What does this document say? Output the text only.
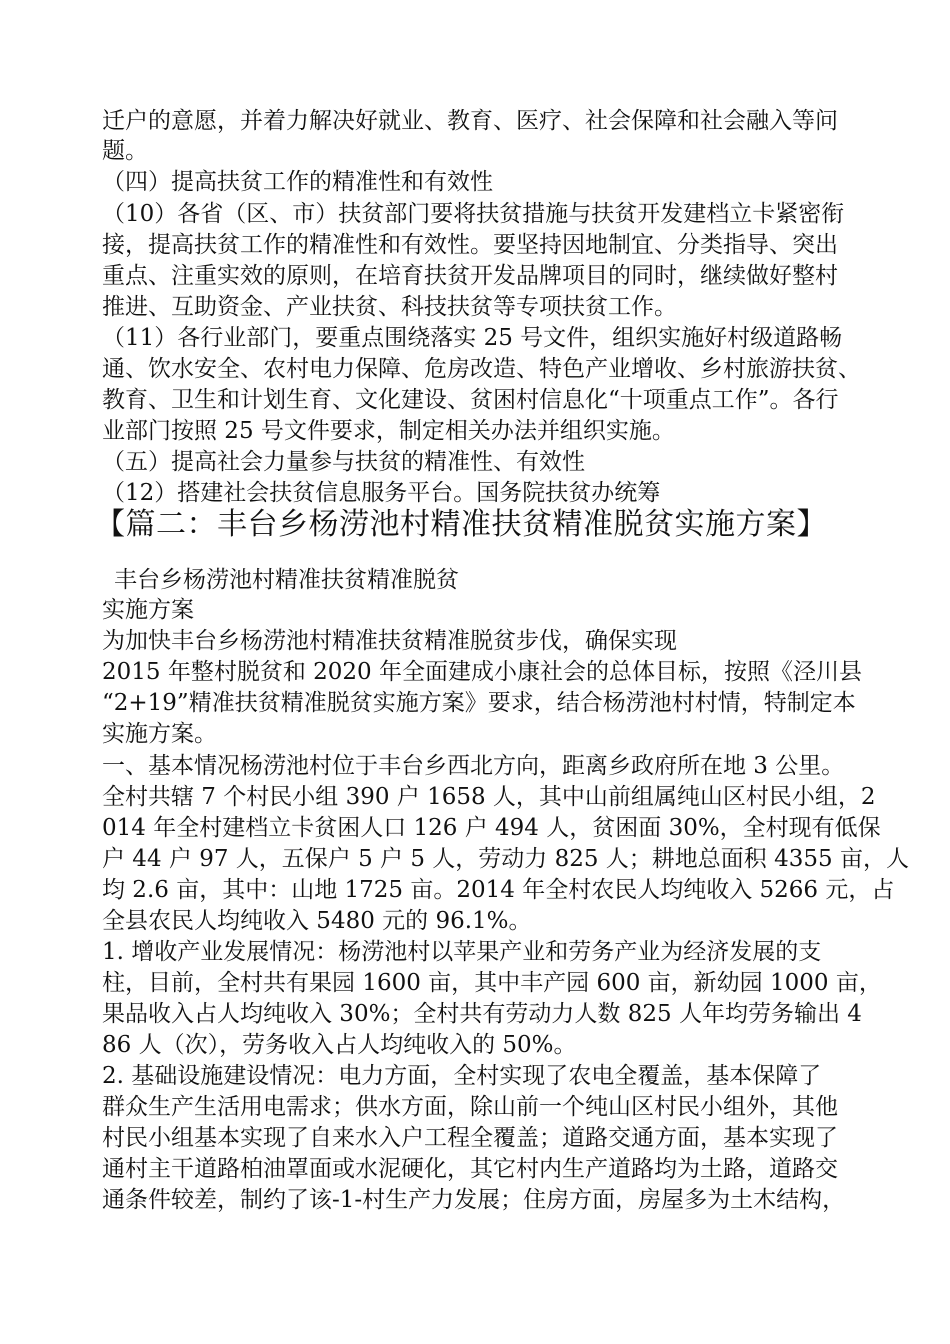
迁户的意愿，并着力解决好就业、教育、医疗、社会保障和社会融入等问
题。
（四）提高扶贫工作的精准性和有效性
（10）各省（区、市）扶贫部门要将扶贫措施与扶贫开发建档立卡紧密衔
接，提高扶贫工作的精准性和有效性。要坚持因地制宜、分类指导、突出
重点、注重实效的原则，在培育扶贫开发品牌项目的同时，继续做好整村
推进、互助资金、产业扶贫、科技扶贫等专项扶贫工作。
（11）各行业部门，要重点围绕落实 25 号文件，组织实施好村级道路畅
通、饮水安全、农村电力保障、危房改造、特色产业增收、乡村旅游扶贫、
教育、卫生和计划生育、文化建设、贫困村信息化“十项重点工作”。各行
业部门按照 25 号文件要求，制定相关办法并组织实施。
（五）提高社会力量参与扶贫的精准性、有效性
（12）搭建社会扶贫信息服务平台。国务院扶贫办统筹
【篇二：丰台乡杨涝池村精准扶贫精准脱贫实施方案】
丰台乡杨涝池村精准扶贫精准脱贫
实施方案
为加快丰台乡杨涝池村精准扶贫精准脱贫步伐，确保实现
2015 年整村脱贫和 2020 年全面建成小康社会的总体目标，按照《泾川县
“2+19”精准扶贫精准脱贫实施方案》要求，结合杨涝池村村情，特制定本
实施方案。
一、基本情况杨涝池村位于丰台乡西北方向，距离乡政府所在地 3 公里。
全村共辖 7 个村民小组 390 户 1658 人，其中山前组属纯山区村民小组，2
014 年全村建档立卡贫困人口 126 户 494 人，贫困面 30%，全村现有低保
户 44 户 97 人，五保户 5 户 5 人，劳动力 825 人；耕地总面积 4355 亩，人
均 2.6 亩，其中：山地 1725 亩。2014 年全村农民人均纯收入 5266 元，占
全县农民人均纯收入 5480 元的 96.1%。
1. 增收产业发展情况：杨涝池村以苹果产业和劳务产业为经济发展的支
柱，目前，全村共有果园 1600 亩，其中丰产园 600 亩，新幼园 1000 亩，
果品收入占人均纯收入 30%；全村共有劳动力人数 825 人年均劳务输出 4
86 人（次），劳务收入占人均纯收入的 50%。
2. 基础设施建设情况：电力方面，全村实现了农电全覆盖，基本保障了
群众生产生活用电需求；供水方面，除山前一个纯山区村民小组外，其他
村民小组基本实现了自来水入户工程全覆盖；道路交通方面，基本实现了
通村主干道路柏油罩面或水泥硬化，其它村内生产道路均为土路，道路交
通条件较差，制约了该-1-村生产力发展；住房方面，房屋多为土木结构，
